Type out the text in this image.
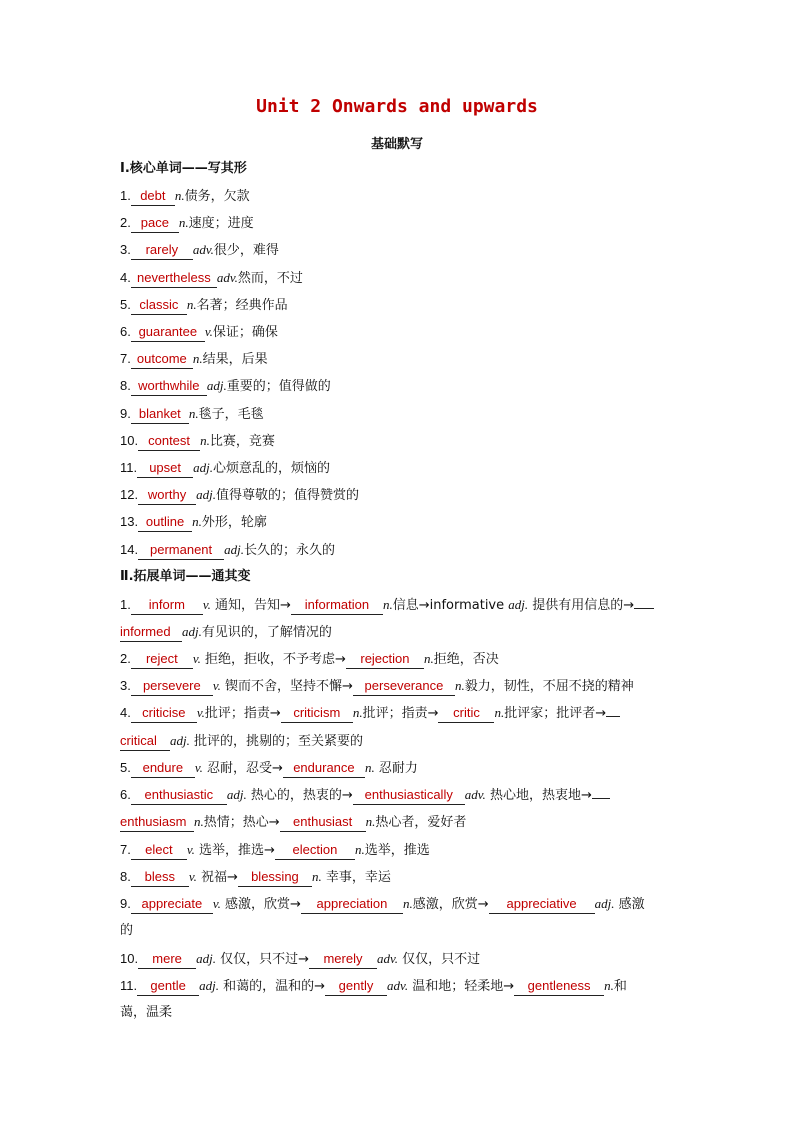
Unit 2 Onwards and upwards
基础默写
Ⅰ.核心单词——写其形
1. debt n.债务，欠款
2. pace n.速度；进度
3. rarely adv.很少，难得
4. nevertheless adv.然而，不过
5. classic n.名著；经典作品
6. guarantee v.保证；确保
7. outcome n.结果，后果
8. worthwhile adj.重要的；值得做的
9. blanket n.毯子，毛毯
10. contest n.比赛，竞赛
11. upset adj.心烦意乱的，烦恼的
12. worthy adj.值得尊敬的；值得赞赏的
13. outline n.外形，轮廓
14. permanent adj.长久的；永久的
Ⅱ.拓展单词——通其变
1. inform v. 通知，告知→ information n.信息→informative adj. 提供有用信息的→
informed adj.有见识的，了解情况的
2. reject v. 拒绝，拒收，不予考虑→ rejection n.拒绝，否决
3. persevere v. 锲而不舍，坚持不懈→ perseverance n.毅力，韧性，不屈不挠的精神
4. criticise v.批评；指责→ criticism n.批评；指责→ critic n.批评家；批评者→
critical adj. 批评的，挑剔的；至关紧要的
5. endure v. 忍耐，忍受→ endurance n. 忍耐力
6. enthusiastic adj. 热心的，热衷的→ enthusiastically adv. 热心地，热衷地→
enthusiasm n.热情；热心→ enthusiast n.热心者，爱好者
7. elect v. 选举，推选→ election n.选举，推选
8. bless v. 祝福→ blessing n. 幸事，幸运
9. appreciate v. 感激，欣赏→ appreciation n.感激，欣赏→ appreciative adj. 感激
的
10. mere adj. 仅仅，只不过→ merely adv. 仅仅，只不过
11. gentle adj. 和蔼的，温和的→ gently adv. 温和地；轻柔地→ gentleness n.和
蔼，温柔
